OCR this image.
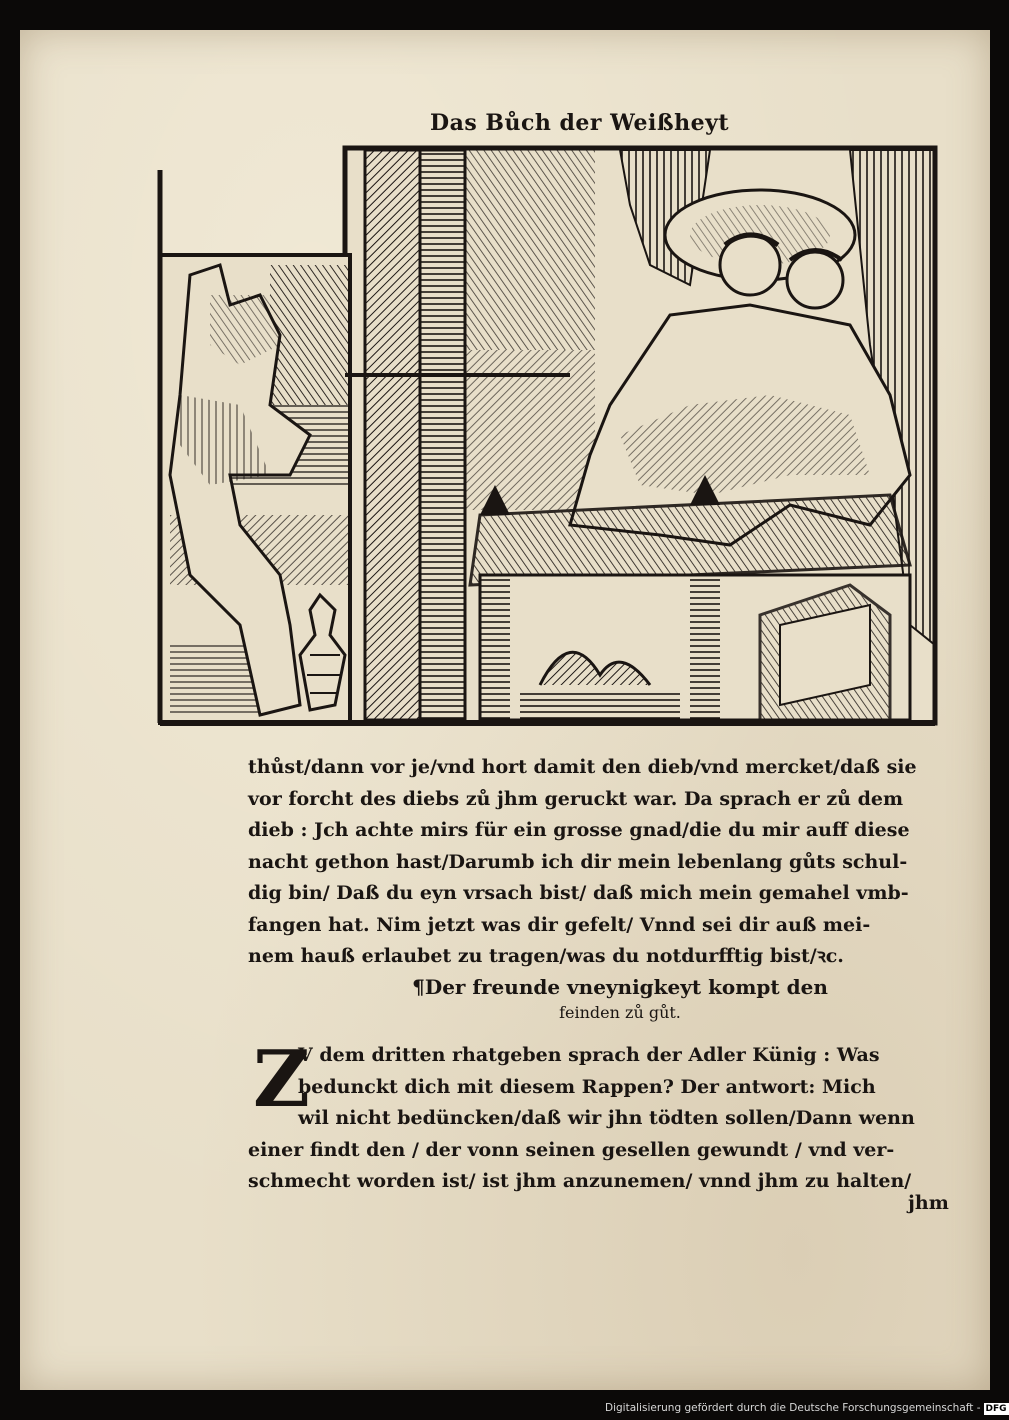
Das Bůch der Weißheyt
thůst/dann vor je/vnd hort damit den dieb/vnd mercket/daß sie
vor forcht des diebs zů jhm geruckt war. Da sprach er zů dem
dieb : Jch achte mirs für ein grosse gnad/die du mir auff diese
nacht gethon hast/Darumb ich dir mein lebenlang gůts schul-
dig bin/ Daß du eyn vrsach bist/ daß mich mein gemahel vmb-
fangen hat. Nim jetzt was dir gefelt/ Vnnd sei dir auß mei-
nem hauß erlaubet zu tragen/was du notdurfftig bist/ꝛc.
¶Der freunde vneynigkeyt kompt den
feinden zů gůt.
Z
V dem dritten rhatgeben sprach der Adler Künig : Was
bedunckt dich mit diesem Rappen? Der antwort: Mich
wil nicht bedüncken/daß wir jhn tödten sollen/Dann wenn
einer findt den / der vonn seinen gesellen gewundt / vnd ver-
schmecht worden ist/ ist jhm anzunemen/ vnnd jhm zu halten/
jhm
Digitalisierung gefördert durch die Deutsche Forschungsgemeinschaft - DFG
